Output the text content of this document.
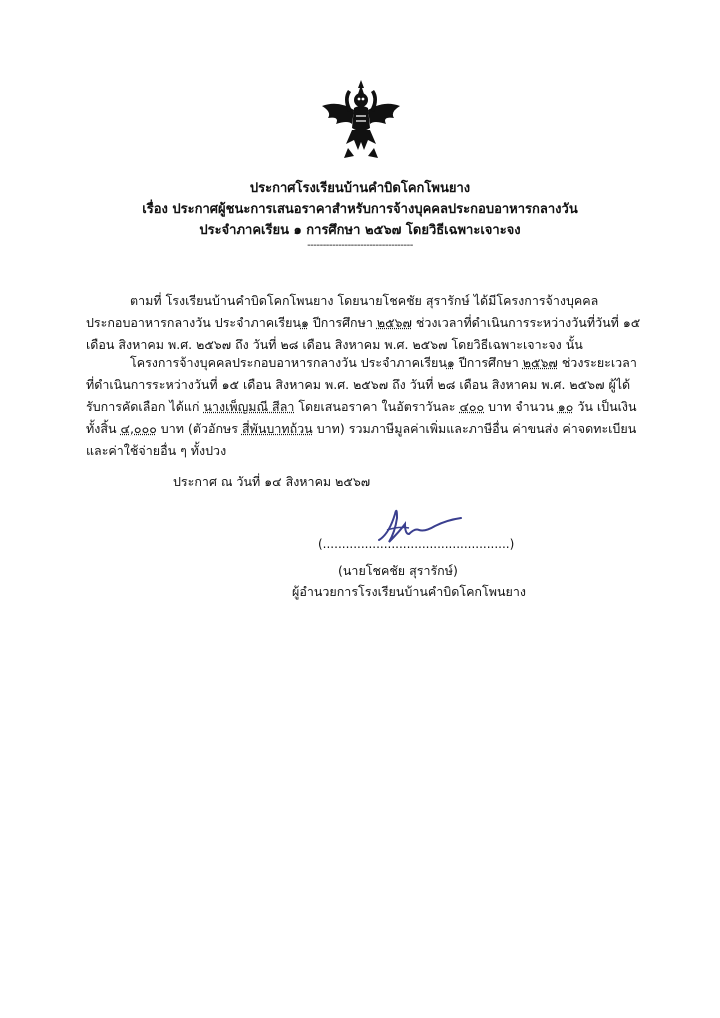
ประกาศโรงเรียนบ้านคำบิดโคกโพนยาง
เรื่อง ประกาศผู้ชนะการเสนอราคาสำหรับการจ้างบุคคลประกอบอาหารกลางวัน
ประจำภาคเรียน ๑ การศึกษา ๒๕๖๗ โดยวิธีเฉพาะเจาะจง
----------------------------------
ตามที่ โรงเรียนบ้านคำบิดโคกโพนยาง โดยนายโชคชัย สุรารักษ์ ได้มีโครงการจ้างบุคคลประกอบอาหารกลางวัน ประจำภาคเรียน๑ ปีการศึกษา ๒๕๖๗ ช่วงเวลาที่ดำเนินการระหว่างวันที่วันที่ ๑๕ เดือน สิงหาคม พ.ศ. ๒๕๖๗ ถึง วันที่ ๒๘ เดือน สิงหาคม พ.ศ. ๒๕๖๗ โดยวิธีเฉพาะเจาะจง นั้น
โครงการจ้างบุคคลประกอบอาหารกลางวัน ประจำภาคเรียน๑ ปีการศึกษา ๒๕๖๗ ช่วงระยะเวลาที่ดำเนินการระหว่างวันที่ ๑๕ เดือน สิงหาคม พ.ศ. ๒๕๖๗ ถึง วันที่ ๒๘ เดือน สิงหาคม พ.ศ. ๒๕๖๗ ผู้ได้รับการคัดเลือก ได้แก่ นางเพ็ญมณี สีลา โดยเสนอราคา ในอัตราวันละ ๔๐๐ บาท จำนวน ๑๐ วัน เป็นเงินทั้งสิ้น ๔,๐๐๐ บาท (ตัวอักษร สี่พันบาทถ้วน บาท) รวมภาษีมูลค่าเพิ่มและภาษีอื่น ค่าขนส่ง ค่าจดทะเบียน และค่าใช้จ่ายอื่น ๆ ทั้งปวง
ประกาศ ณ วันที่ ๑๔ สิงหาคม ๒๕๖๗
(.................................................)
(นายโชคชัย สุรารักษ์)
ผู้อำนวยการโรงเรียนบ้านคำบิดโคกโพนยาง
